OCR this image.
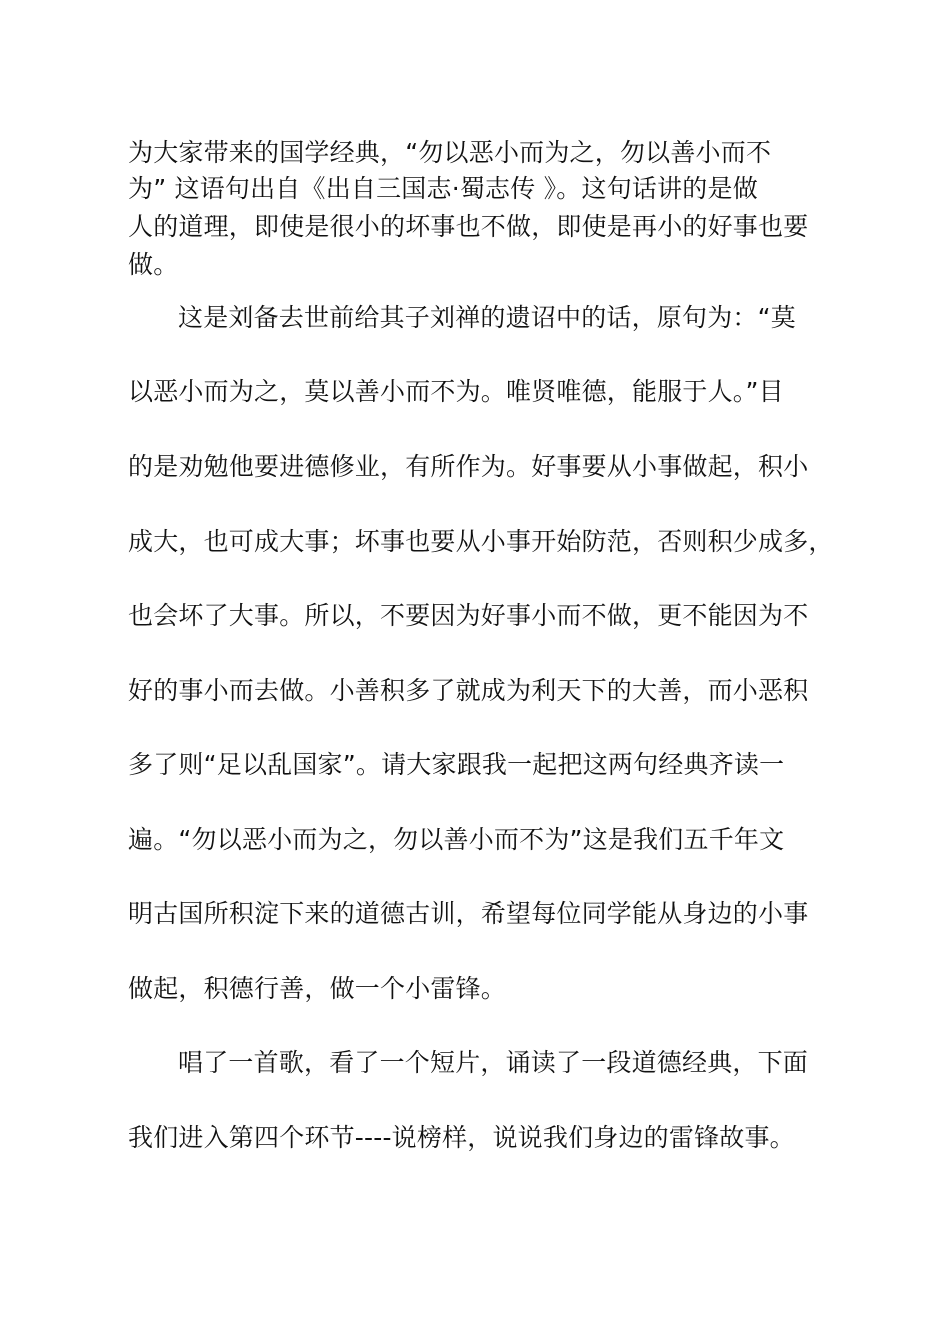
为大家带来的国学经典，“勿以恶小而为之，勿以善小而不
为” 这语句出自《出自三国志·蜀志传 》。这句话讲的是做
人的道理，即使是很小的坏事也不做，即使是再小的好事也要
做。
这是刘备去世前给其子刘禅的遗诏中的话，原句为：“莫
以恶小而为之，莫以善小而不为。唯贤唯德，能服于人。”目
的是劝勉他要进德修业，有所作为。好事要从小事做起，积小
成大，也可成大事；坏事也要从小事开始防范，否则积少成多，
也会坏了大事。所以，不要因为好事小而不做，更不能因为不
好的事小而去做。小善积多了就成为利天下的大善，而小恶积
多了则“足以乱国家”。请大家跟我一起把这两句经典齐读一
遍。“勿以恶小而为之，勿以善小而不为”这是我们五千年文
明古国所积淀下来的道德古训，希望每位同学能从身边的小事
做起，积德行善，做一个小雷锋。
唱了一首歌，看了一个短片，诵读了一段道德经典，下面
我们进入第四个环节----说榜样，说说我们身边的雷锋故事。
